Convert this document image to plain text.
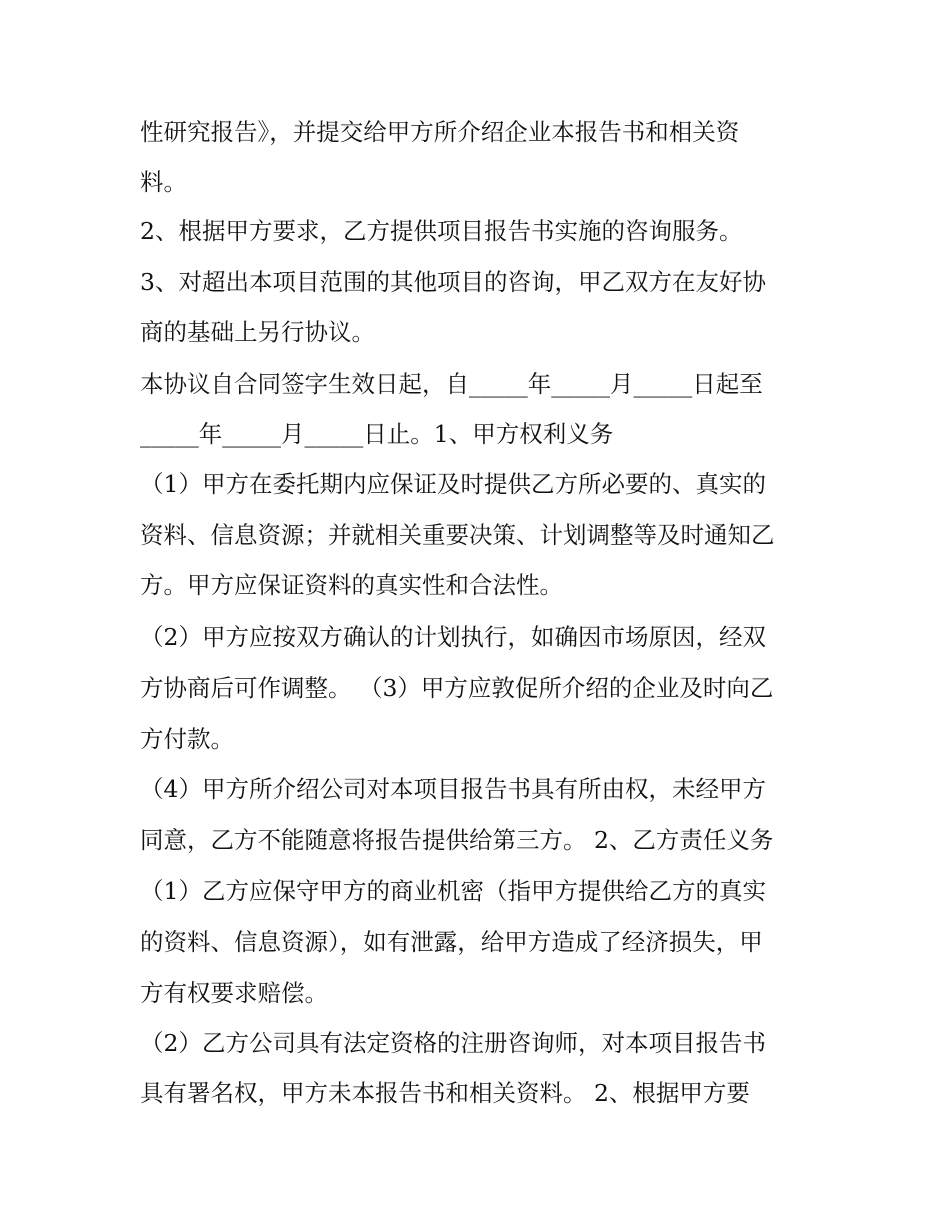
性研究报告》，并提交给甲方所介绍企业本报告书和相关资
料。
2、根据甲方要求，乙方提供项目报告书实施的咨询服务。
3、对超出本项目范围的其他项目的咨询，甲乙双方在友好协
商的基础上另行协议。
本协议自合同签字生效日起，自_____年_____月_____日起至
_____年_____月_____日止。1、甲方权利义务
（1）甲方在委托期内应保证及时提供乙方所必要的、真实的
资料、信息资源；并就相关重要决策、计划调整等及时通知乙
方。甲方应保证资料的真实性和合法性。
（2）甲方应按双方确认的计划执行，如确因市场原因，经双
方协商后可作调整。 （3）甲方应敦促所介绍的企业及时向乙
方付款。
（4）甲方所介绍公司对本项目报告书具有所由权，未经甲方
同意，乙方不能随意将报告提供给第三方。 2、乙方责任义务
（1）乙方应保守甲方的商业机密（指甲方提供给乙方的真实
的资料、信息资源），如有泄露，给甲方造成了经济损失，甲
方有权要求赔偿。
（2）乙方公司具有法定资格的注册咨询师，对本项目报告书
具有署名权，甲方未本报告书和相关资料。 2、根据甲方要
